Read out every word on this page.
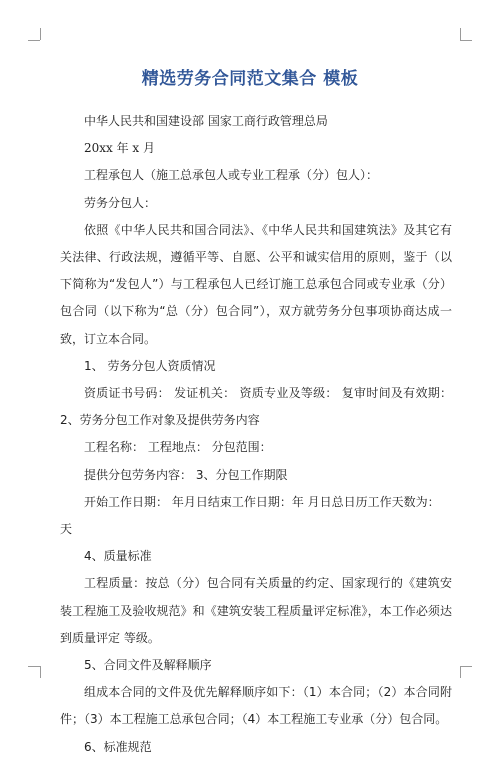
精选劳务合同范文集合 模板

中华人民共和国建设部 国家工商行政管理总局

20xx 年 x 月

工程承包人（施工总承包人或专业工程承（分）包人）：

劳务分包人：

依照《中华人民共和国合同法》、《中华人民共和国建筑法》及其它有关法律、行政法规，遵循平等、自愿、公平和诚实信用的原则，鉴于（以下简称为“发包人”）与工程承包人已经订施工总承包合同或专业承（分）包合同（以下称为“总（分）包合同”），双方就劳务分包事项协商达成一致，订立本合同。

1、 劳务分包人资质情况

资质证书号码： 发证机关： 资质专业及等级： 复审时间及有效期：2、劳务分包工作对象及提供劳务内容

工程名称： 工程地点： 分包范围：

提供分包劳务内容： 3、分包工作期限

开始工作日期： 年月日结束工作日期：年 月日总日历工作天数为： 天

4、质量标准

工程质量：按总（分）包合同有关质量的约定、国家现行的《建筑安装工程施工及验收规范》和《建筑安装工程质量评定标准》，本工作必须达到质量评定 等级。

5、合同文件及解释顺序

组成本合同的文件及优先解释顺序如下：（1）本合同；（2）本合同附件；（3）本工程施工总承包合同；（4）本工程施工专业承（分）包合同。

6、标准规范
